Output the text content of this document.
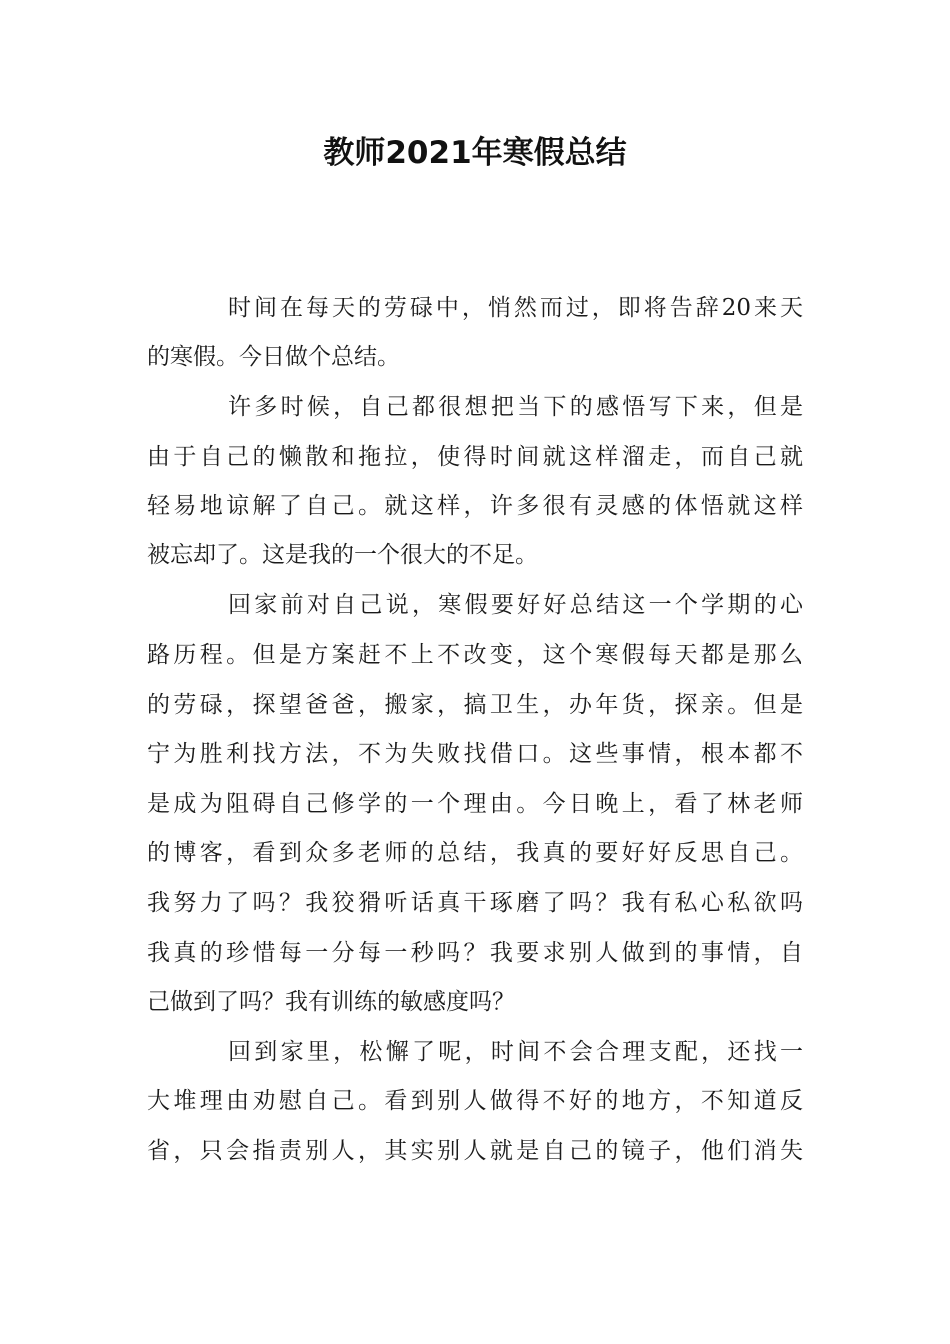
教师2021年寒假总结

时间在每天的劳碌中，悄然而过，即将告辞20来天

的寒假。今日做个总结。

许多时候，自己都很想把当下的感悟写下来，但是

由于自己的懒散和拖拉，使得时间就这样溜走，而自己就

轻易地谅解了自己。就这样，许多很有灵感的体悟就这样

被忘却了。这是我的一个很大的不足。

回家前对自己说，寒假要好好总结这一个学期的心

路历程。但是方案赶不上不改变，这个寒假每天都是那么

的劳碌，探望爸爸，搬家，搞卫生，办年货，探亲。但是

宁为胜利找方法，不为失败找借口。这些事情，根本都不

是成为阻碍自己修学的一个理由。今日晚上，看了林老师

的博客，看到众多老师的总结，我真的要好好反思自己。

我努力了吗？我狡猾听话真干琢磨了吗？我有私心私欲吗

我真的珍惜每一分每一秒吗？我要求别人做到的事情，自

己做到了吗？我有训练的敏感度吗？

回到家里，松懈了呢，时间不会合理支配，还找一

大堆理由劝慰自己。看到别人做得不好的地方，不知道反

省，只会指责别人，其实别人就是自己的镜子，他们消失
